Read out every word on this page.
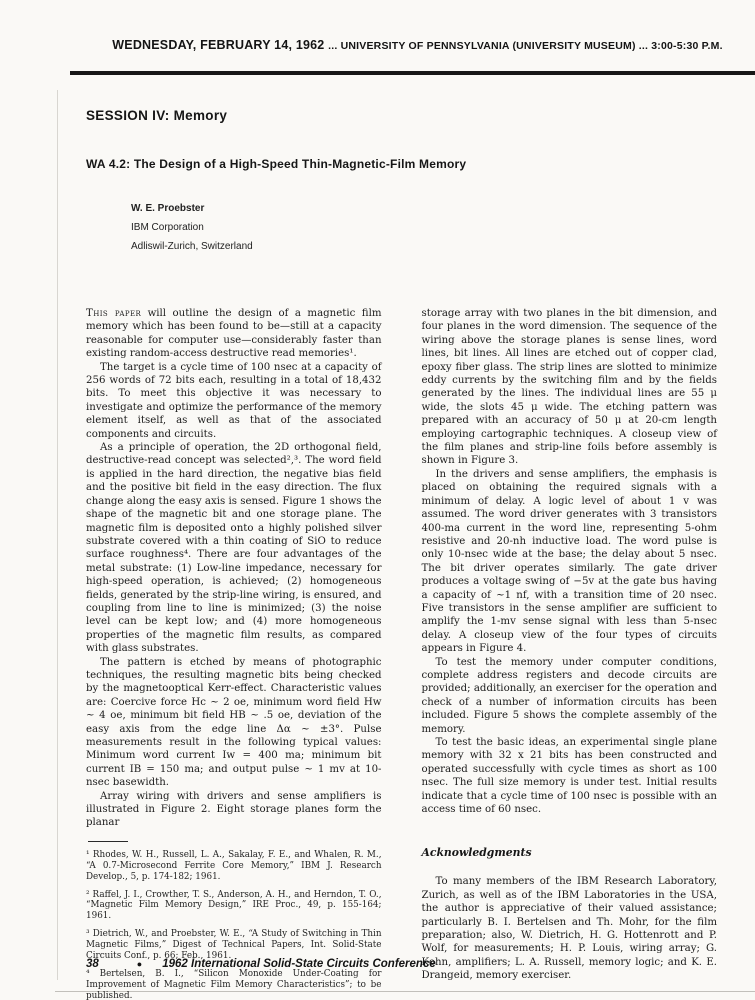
WEDNESDAY, FEBRUARY 14, 1962 ... UNIVERSITY OF PENNSYLVANIA (UNIVERSITY MUSEUM) ... 3:00-5:30 P.M.
SESSION IV: Memory
WA 4.2: The Design of a High-Speed Thin-Magnetic-Film Memory
W. E. Proebster
IBM Corporation
Adliswil-Zurich, Switzerland

This paper will outline the design of a magnetic film memory which has been found to be—still at a capacity reasonable for computer use—considerably faster than existing random-access destructive read memories¹.

The target is a cycle time of 100 nsec at a capacity of 256 words of 72 bits each, resulting in a total of 18,432 bits. To meet this objective it was necessary to investigate and optimize the performance of the memory element itself, as well as that of the associated components and circuits.

As a principle of operation, the 2D orthogonal field, destructive-read concept was selected²,³. The word field is applied in the hard direction, the negative bias field and the positive bit field in the easy direction. The flux change along the easy axis is sensed. Figure 1 shows the shape of the magnetic bit and one storage plane. The magnetic film is deposited onto a highly polished silver substrate covered with a thin coating of SiO to reduce surface roughness⁴. There are four advantages of the metal substrate: (1) Low-line impedance, necessary for high-speed operation, is achieved; (2) homogeneous fields, generated by the strip-line wiring, is ensured, and coupling from line to line is minimized; (3) the noise level can be kept low; and (4) more homogeneous properties of the magnetic film results, as compared with glass substrates.

The pattern is etched by means of photographic techniques, the resulting magnetic bits being checked by the magnetooptical Kerr-effect. Characteristic values are: Coercive force Hc ~ 2 oe, minimum word field Hw ~ 4 oe, minimum bit field HB ~ .5 oe, deviation of the easy axis from the edge line Δα ~ ±3°. Pulse measurements result in the following typical values: Minimum word current Iw = 400 ma; minimum bit current IB = 150 ma; and output pulse ~ 1 mv at 10-nsec basewidth.

Array wiring with drivers and sense amplifiers is illustrated in Figure 2. Eight storage planes form the planar

¹ Rhodes, W. H., Russell, L. A., Sakalay, F. E., and Whalen, R. M., “A 0.7-Microsecond Ferrite Core Memory,” IBM J. Research Develop., 5, p. 174-182; 1961.

² Raffel, J. I., Crowther, T. S., Anderson, A. H., and Herndon, T. O., “Magnetic Film Memory Design,” IRE Proc., 49, p. 155-164; 1961.

³ Dietrich, W., and Proebster, W. E., “A Study of Switching in Thin Magnetic Films,” Digest of Technical Papers, Int. Solid-State Circuits Conf., p. 66; Feb., 1961.

⁴ Bertelsen, B. I., “Silicon Monoxide Under-Coating for Improvement of Magnetic Film Memory Characteristics”; to be published.

storage array with two planes in the bit dimension, and four planes in the word dimension. The sequence of the wiring above the storage planes is sense lines, word lines, bit lines. All lines are etched out of copper clad, epoxy fiber glass. The strip lines are slotted to minimize eddy currents by the switching film and by the fields generated by the lines. The individual lines are 55 μ wide, the slots 45 μ wide. The etching pattern was prepared with an accuracy of 50 μ at 20-cm length employing cartographic techniques. A closeup view of the film planes and strip-line foils before assembly is shown in Figure 3.

In the drivers and sense amplifiers, the emphasis is placed on obtaining the required signals with a minimum of delay. A logic level of about 1 v was assumed. The word driver generates with 3 transistors 400-ma current in the word line, representing 5-ohm resistive and 20-nh inductive load. The word pulse is only 10-nsec wide at the base; the delay about 5 nsec. The bit driver operates similarly. The gate driver produces a voltage swing of −5v at the gate bus having a capacity of ~1 nf, with a transition time of 20 nsec. Five transistors in the sense amplifier are sufficient to amplify the 1-mv sense signal with less than 5-nsec delay. A closeup view of the four types of circuits appears in Figure 4.

To test the memory under computer conditions, complete address registers and decode circuits are provided; additionally, an exerciser for the operation and check of a number of information circuits has been included. Figure 5 shows the complete assembly of the memory.

To test the basic ideas, an experimental single plane memory with 32 x 21 bits has been constructed and operated successfully with cycle times as short as 100 nsec. The full size memory is under test. Initial results indicate that a cycle time of 100 nsec is possible with an access time of 60 nsec.

Acknowledgments

To many members of the IBM Research Laboratory, Zurich, as well as of the IBM Laboratories in the USA, the author is appreciative of their valued assistance; particularly B. I. Bertelsen and Th. Mohr, for the film preparation; also, W. Dietrich, H. G. Hottenrott and P. Wolf, for measurements; H. P. Louis, wiring array; G. Kohn, amplifiers; L. A. Russell, memory logic; and K. E. Drangeid, memory exerciser.

38	● 1962 International Solid-State Circuits Conference
